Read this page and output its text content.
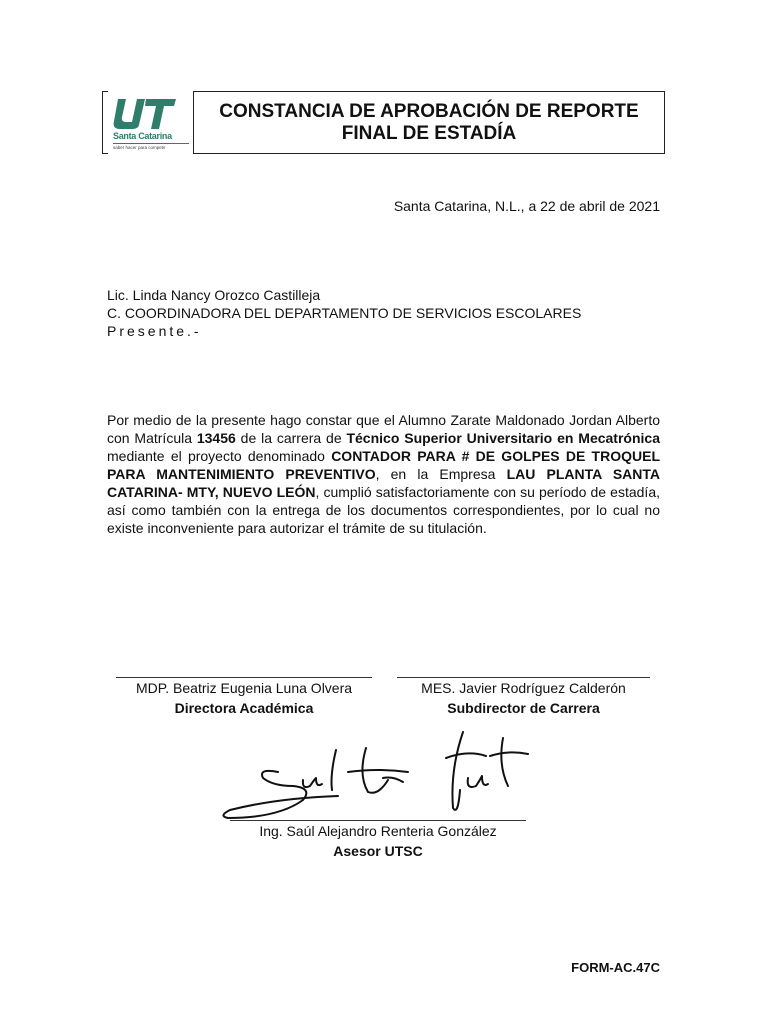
Santa Catarina
saber hacer para competir
CONSTANCIA DE APROBACIÓN DE REPORTE
FINAL DE ESTADÍA
Santa Catarina, N.L., a 22 de abril de 2021
Lic. Linda Nancy Orozco Castilleja
C. COORDINADORA DEL DEPARTAMENTO DE SERVICIOS ESCOLARES
Presente.-
Por medio de la presente hago constar que el Alumno Zarate Maldonado Jordan Alberto con Matrícula 13456 de la carrera de Técnico Superior Universitario en Mecatrónica mediante el proyecto denominado CONTADOR PARA # DE GOLPES DE TROQUEL PARA MANTENIMIENTO PREVENTIVO, en la Empresa LAU PLANTA SANTA CATARINA- MTY, NUEVO LEÓN, cumplió satisfactoriamente con su período de estadía, así como también con la entrega de los documentos correspondientes, por lo cual no existe inconveniente para autorizar el trámite de su titulación.
MDP. Beatriz Eugenia Luna Olvera
Directora Académica
MES. Javier Rodríguez Calderón
Subdirector de Carrera
Ing. Saúl Alejandro Renteria González
Asesor UTSC
FORM-AC.47C
